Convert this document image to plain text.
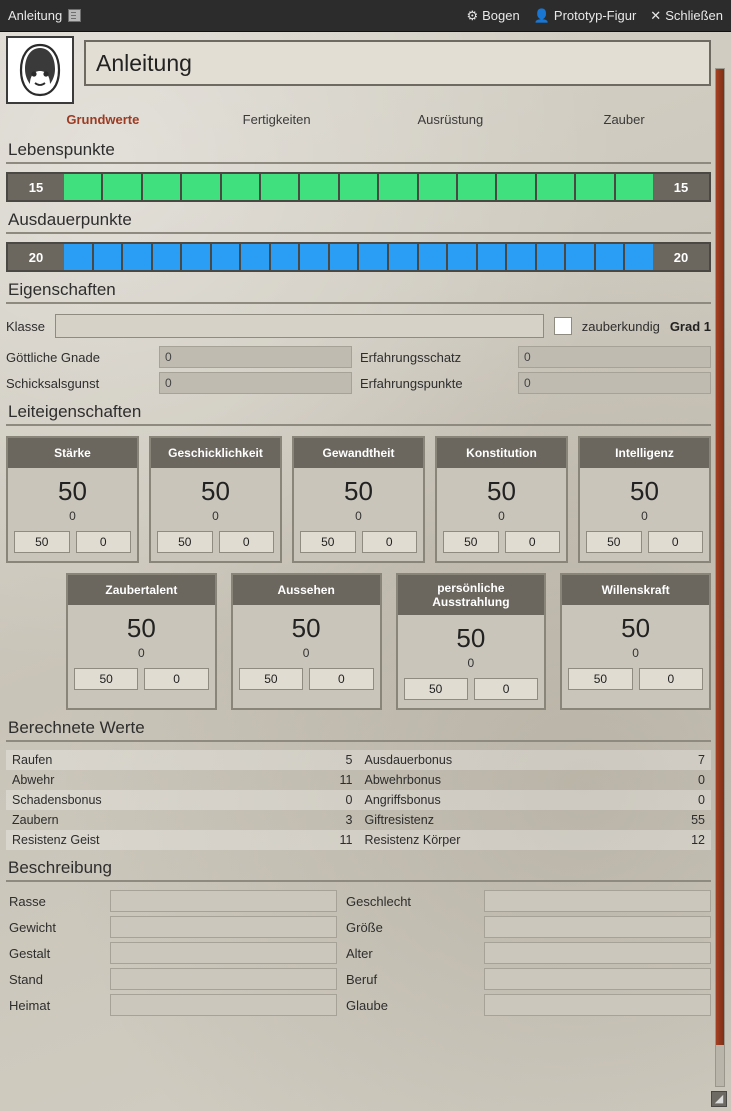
Anleitung	⚙ Bogen 👤 Prototyp-Figur ✕ Schließen
◢
Anleitung
Grundwerte	Fertigkeiten	Ausrüstung	Zauber
Lebenspunkte
15	15
Ausdauerpunkte
20	20
Eigenschaften
Klasse	zauberkundig Grad 1
Göttliche Gnade	0	Erfahrungsschatz	0
Schicksalsgunst	0	Erfahrungspunkte	0
Leiteigenschaften
Stärke
50
0
50	0
Geschicklichkeit
50
0
50	0
Gewandtheit
50
0
50	0
Konstitution
50
0
50	0
Intelligenz
50
0
50	0
Zaubertalent
50
0
50	0
Aussehen
50
0
50	0
persönliche Ausstrahlung
50
0
50	0
Willenskraft
50
0
50	0
Berechnete Werte
Raufen	5 Ausdauerbonus	7
Abwehr	11 Abwehrbonus	0
Schadensbonus	0 Angriffsbonus	0
Zaubern	3 Giftresistenz	55
Resistenz Geist	11 Resistenz Körper	12
Beschreibung
Rasse	Geschlecht
Gewicht	Größe
Gestalt	Alter
Stand	Beruf
Heimat	Glaube
